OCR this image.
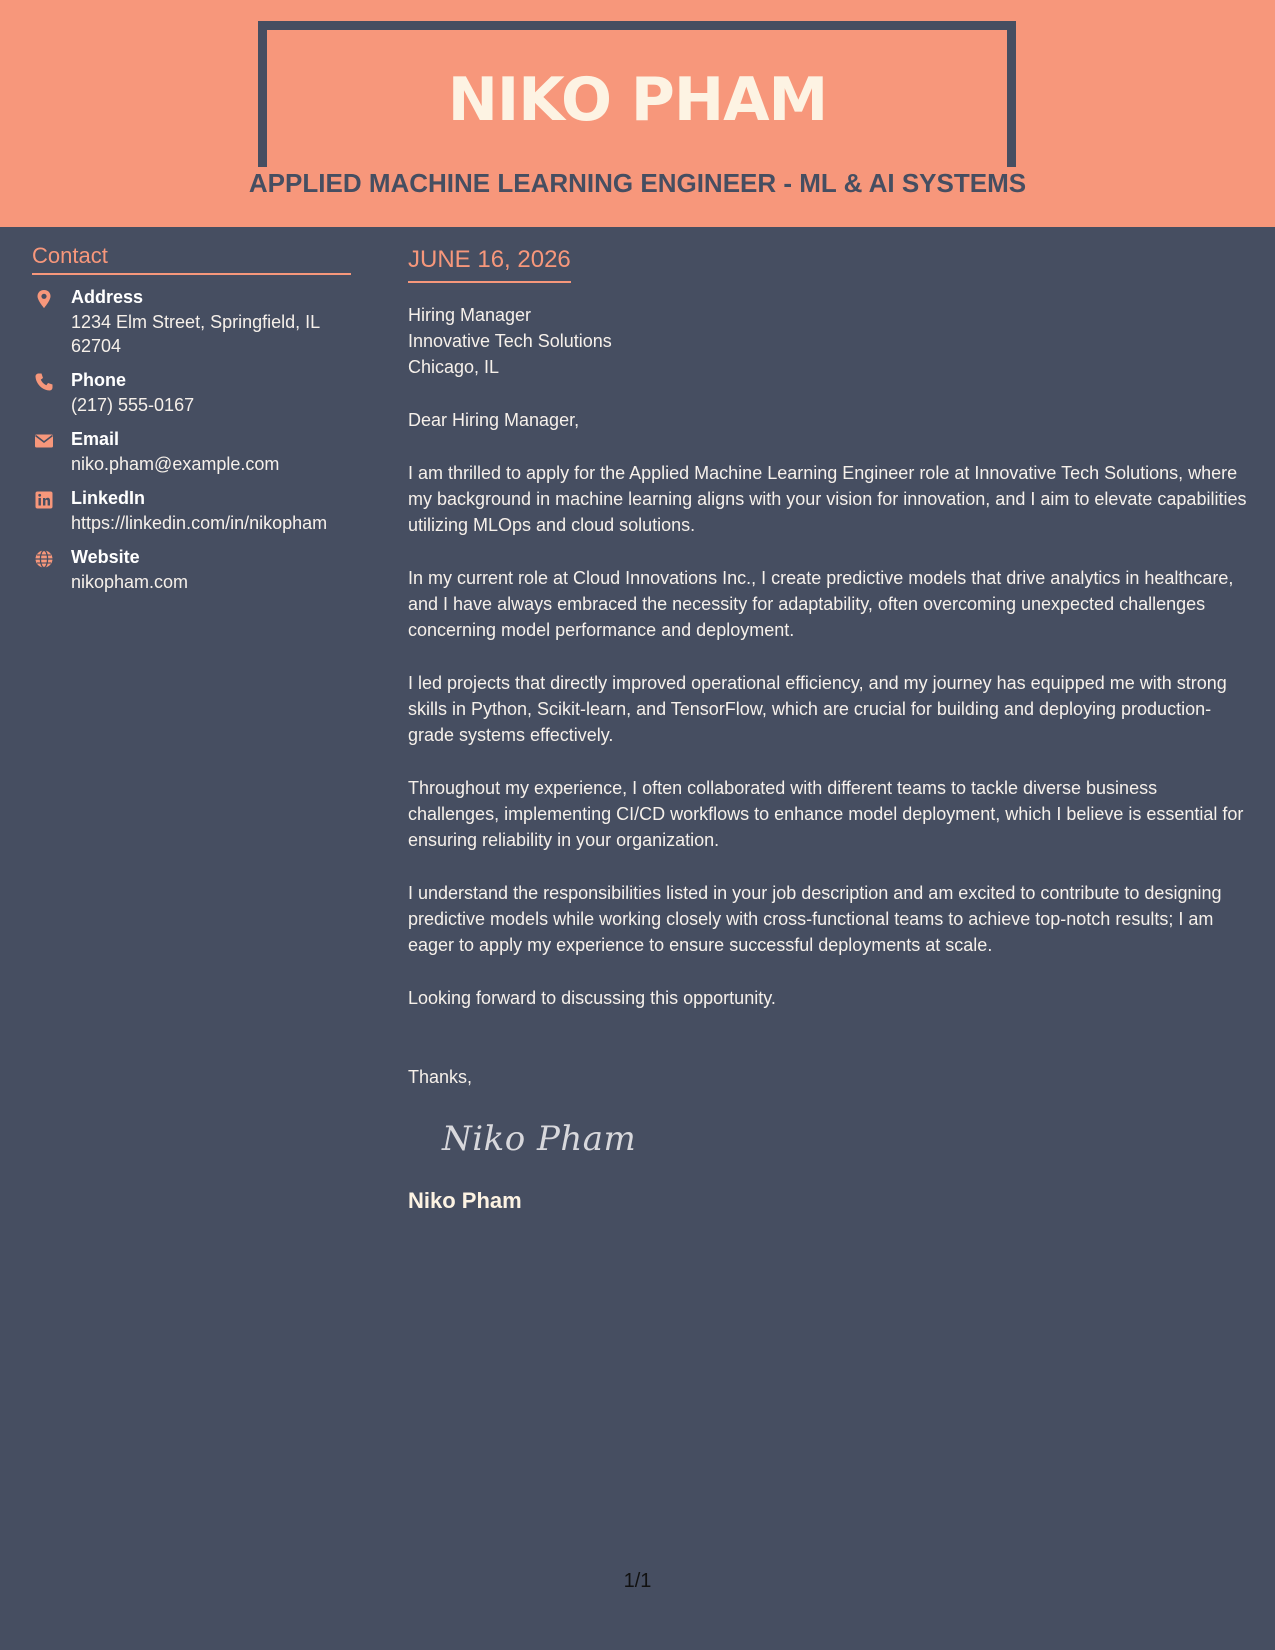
NIKO PHAM
APPLIED MACHINE LEARNING ENGINEER - ML & AI SYSTEMS
Contact
Address
1234 Elm Street, Springfield, IL 62704
Phone
(217) 555-0167
Email
niko.pham@example.com
LinkedIn
https://linkedin.com/in/nikopham
Website
nikopham.com
JUNE 16, 2026
Hiring Manager
Innovative Tech Solutions
Chicago, IL

Dear Hiring Manager,

I am thrilled to apply for the Applied Machine Learning Engineer role at Innovative Tech Solutions, where my background in machine learning aligns with your vision for innovation, and I aim to elevate capabilities utilizing MLOps and cloud solutions.

In my current role at Cloud Innovations Inc., I create predictive models that drive analytics in healthcare, and I have always embraced the necessity for adaptability, often overcoming unexpected challenges concerning model performance and deployment.

I led projects that directly improved operational efficiency, and my journey has equipped me with strong skills in Python, Scikit-learn, and TensorFlow, which are crucial for building and deploying production-grade systems effectively.

Throughout my experience, I often collaborated with different teams to tackle diverse business challenges, implementing CI/CD workflows to enhance model deployment, which I believe is essential for ensuring reliability in your organization.

I understand the responsibilities listed in your job description and am excited to contribute to designing predictive models while working closely with cross-functional teams to achieve top-notch results; I am eager to apply my experience to ensure successful deployments at scale.

Looking forward to discussing this opportunity.

Thanks,
Niko Pham
Niko Pham
1/1
